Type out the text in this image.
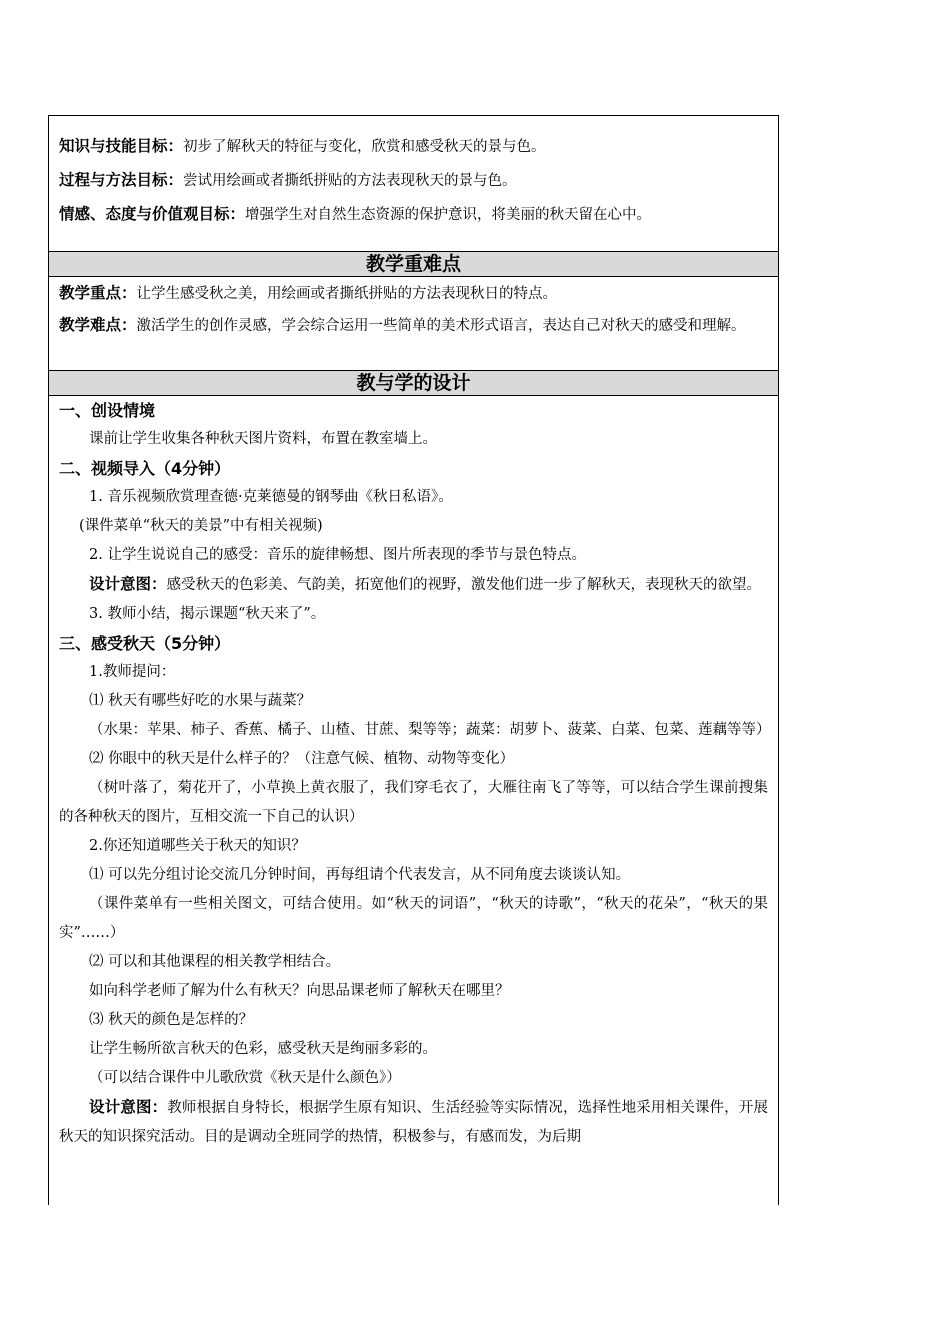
知识与技能目标：初步了解秋天的特征与变化，欣赏和感受秋天的景与色。

过程与方法目标：尝试用绘画或者撕纸拼贴的方法表现秋天的景与色。

情感、态度与价值观目标：增强学生对自然生态资源的保护意识，将美丽的秋天留在心中。

教学重难点

教学重点：让学生感受秋之美，用绘画或者撕纸拼贴的方法表现秋日的特点。

教学难点：激活学生的创作灵感，学会综合运用一些简单的美术形式语言，表达自己对秋天的感受和理解。

教与学的设计

一、创设情境

课前让学生收集各种秋天图片资料，布置在教室墙上。

二、视频导入（4分钟）

1. 音乐视频欣赏理查德·克莱德曼的钢琴曲《秋日私语》。

(课件菜单“秋天的美景”中有相关视频)

2. 让学生说说自己的感受：音乐的旋律畅想、图片所表现的季节与景色特点。

设计意图：感受秋天的色彩美、气韵美，拓宽他们的视野，激发他们进一步了解秋天，表现秋天的欲望。

3. 教师小结，揭示课题“秋天来了”。

三、感受秋天（5分钟）

1.教师提问：

⑴ 秋天有哪些好吃的水果与蔬菜？

（水果：苹果、柿子、香蕉、橘子、山楂、甘蔗、梨等等；蔬菜：胡萝卜、菠菜、白菜、包菜、莲藕等等）

⑵ 你眼中的秋天是什么样子的？（注意气候、植物、动物等变化）

（树叶落了，菊花开了，小草换上黄衣服了，我们穿毛衣了，大雁往南飞了等等，可以结合学生课前搜集的各种秋天的图片，互相交流一下自己的认识）

2.你还知道哪些关于秋天的知识？

⑴ 可以先分组讨论交流几分钟时间，再每组请个代表发言，从不同角度去谈谈认知。

（课件菜单有一些相关图文，可结合使用。如“秋天的词语”，“秋天的诗歌”，“秋天的花朵”，“秋天的果实”……）

⑵ 可以和其他课程的相关教学相结合。

如向科学老师了解为什么有秋天？向思品课老师了解秋天在哪里？

⑶ 秋天的颜色是怎样的？

让学生畅所欲言秋天的色彩，感受秋天是绚丽多彩的。

（可以结合课件中儿歌欣赏《秋天是什么颜色》）

设计意图：教师根据自身特长，根据学生原有知识、生活经验等实际情况，选择性地采用相关课件，开展秋天的知识探究活动。目的是调动全班同学的热情，积极参与，有感而发，为后期
